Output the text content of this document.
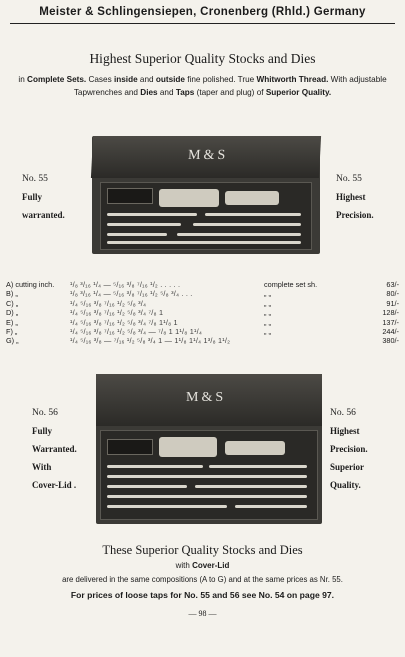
Meister & Schlingensiepen, Cronenberg (Rhld.) Germany
Highest Superior Quality Stocks and Dies
in Complete Sets. Cases inside and outside fine polished. True Whitworth Thread. With adjustable Tapwrenches and Dies and Taps (taper and plug) of Superior Quality.
No. 55
Fully
warranted.
No. 55
Highest
Precision.
M&S
A) cutting inch. ¹/₈ ³/₁₆ ¹/₄ — ⁵/₁₆ ³/₈ ⁷/₁₆ ¹/₂ . . . . .	complete set sh.	63/-
B) „	¹/₈ ³/₁₆ ¹/₄ — ⁵/₁₆ ³/₈ ⁷/₁₆ ¹/₂ ⁵/₈ ³/₄ . . .	„ „	80/-
C) „	¹/₄ ⁵/₁₆ ³/₈ ⁷/₁₆ ¹/₂ ⁵/₈ ³/₄	„ „	91/-
D) „	¹/₄ ⁵/₁₆ ³/₈ ⁷/₁₆ ¹/₂ ⁵/₈ ³/₄ ⁷/₈ 1	„ „	128/-
E) „	¹/₄ ⁵/₁₆ ³/₈ ⁷/₁₆ ¹/₂ ⁵/₈ ³/₄ ⁷/₈ 1¹/₈ 1	„ „	137/-
F) „	¹/₄ ⁵/₁₆ ³/₈ ⁷/₁₆ ¹/₂ ⁵/₈ ³/₄ — ⁷/₈ 1 1¹/₈ 1¹/₄	„ „	244/-
G) „	¹/₄ ⁵/₁₆ ³/₈ — ⁷/₁₆ ¹/₂ ⁵/₈ ³/₄ 1 — 1¹/₈ 1¹/₄ 1³/₈ 1¹/₂	380/-
No. 56
Fully
Warranted.
With
Cover-Lid .
No. 56
Highest
Precision.
Superior
Quality.
M&S
These Superior Quality Stocks and Dies
with Cover-Lid
are delivered in the same compositions (A to G) and at the same prices as Nr. 55.
For prices of loose taps for No. 55 and 56 see No. 54 on page 97.
— 98 —
